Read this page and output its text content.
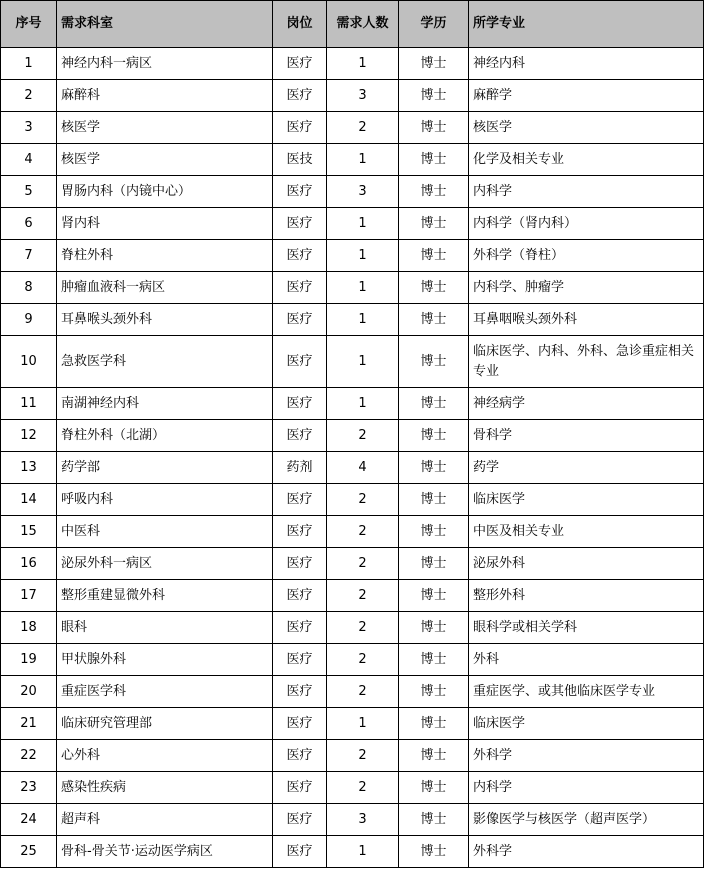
序号	需求科室	岗位	需求人数	学历	所学专业
1	神经内科一病区	医疗	1	博士	神经内科
2	麻醉科	医疗	3	博士	麻醉学
3	核医学	医疗	2	博士	核医学
4	核医学	医技	1	博士	化学及相关专业
5	胃肠内科（内镜中心）	医疗	3	博士	内科学
6	肾内科	医疗	1	博士	内科学（肾内科）
7	脊柱外科	医疗	1	博士	外科学（脊柱）
8	肿瘤血液科一病区	医疗	1	博士	内科学、肿瘤学
9	耳鼻喉头颈外科	医疗	1	博士	耳鼻咽喉头颈外科
10	急救医学科	医疗	1	博士	临床医学、内科、外科、急诊重症相关专业
11	南湖神经内科	医疗	1	博士	神经病学
12	脊柱外科（北湖）	医疗	2	博士	骨科学
13	药学部	药剂	4	博士	药学
14	呼吸内科	医疗	2	博士	临床医学
15	中医科	医疗	2	博士	中医及相关专业
16	泌尿外科一病区	医疗	2	博士	泌尿外科
17	整形重建显微外科	医疗	2	博士	整形外科
18	眼科	医疗	2	博士	眼科学或相关学科
19	甲状腺外科	医疗	2	博士	外科
20	重症医学科	医疗	2	博士	重症医学、或其他临床医学专业
21	临床研究管理部	医疗	1	博士	临床医学
22	心外科	医疗	2	博士	外科学
23	感染性疾病	医疗	2	博士	内科学
24	超声科	医疗	3	博士	影像医学与核医学（超声医学）
25	骨科-骨关节·运动医学病区	医疗	1	博士	外科学
